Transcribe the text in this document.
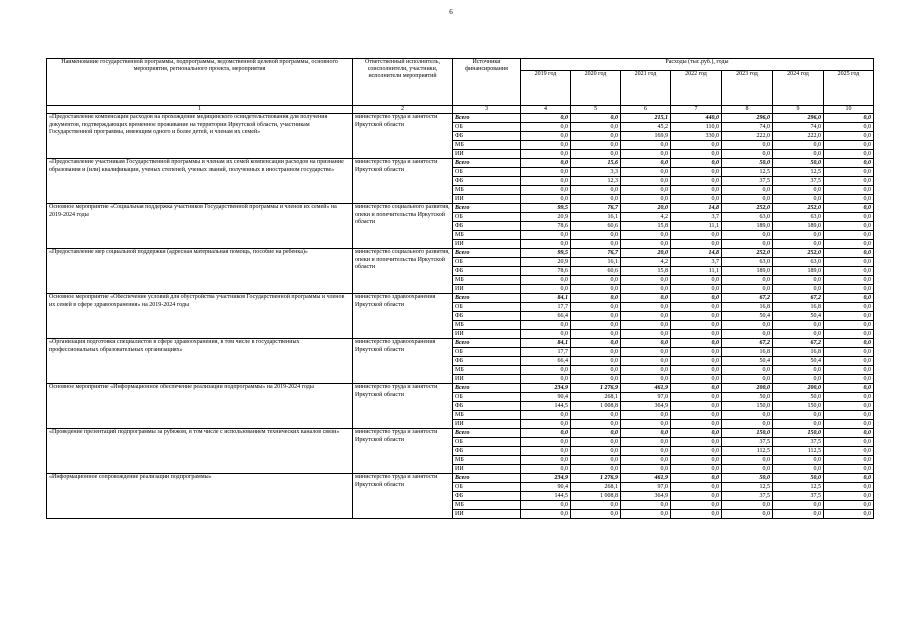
6
Наименование государственной программы, подпрограммы, ведомственной целевой программы, основного мероприятия, регионального проекта, мероприятия	Ответственный исполнитель, соисполнители, участники, исполнители мероприятий	Источники финансирования	Расходы (тыс.руб.), годы						
			2019 год	2020 год	2021 год	2022 год	2023 год	2024 год	2025 год
1	2	3	4	5	6	7	8	9	10
«Предоставление компенсации расходов на прохождение медицинского освидетельствования для получения документов, подтверждающих временное проживание на территории Иркутской области, участникам Государственной программы, имеющим одного и более детей, и членам их семей»	министерство труда и занятости Иркутской области	Всего	0,0	0,0	215,1	440,0	296,0	296,0	0,0
		ОБ	0,0	0,0	45,2	110,0	74,0	74,0	0,0
		ФБ	0,0	0,0	169,9	330,0	222,0	222,0	0,0
		МБ	0,0	0,0	0,0	0,0	0,0	0,0	0,0
		ИИ	0,0	0,0	0,0	0,0	0,0	0,0	0,0
«Предоставление участникам Государственной программы и членам их семей компенсации расходов на признание образования и (или) квалификации, ученых степеней, ученых званий, полученных в иностранном государстве»	министерство труда и занятости Иркутской области	Всего	0,0	15,6	0,0	0,0	50,0	50,0	0,0
		ОБ	0,0	3,3	0,0	0,0	12,5	12,5	0,0
		ФБ	0,0	12,3	0,0	0,0	37,5	37,5	0,0
		МБ	0,0	0,0	0,0	0,0	0,0	0,0	0,0
		ИИ	0,0	0,0	0,0	0,0	0,0	0,0	0,0
Основное мероприятие «Социальная поддержка участников Государственной программы и членов их семей» на 2019-2024 годы	министерство социального развития, опеки и попечительства Иркутской области	Всего	99,5	76,7	20,0	14,8	252,0	252,0	0,0
		ОБ	20,9	16,1	4,2	3,7	63,0	63,0	0,0
		ФБ	78,6	60,6	15,8	11,1	189,0	189,0	0,0
		МБ	0,0	0,0	0,0	0,0	0,0	0,0	0,0
		ИИ	0,0	0,0	0,0	0,0	0,0	0,0	0,0
«Предоставление мер социальной поддержки (адресная материальная помощь, пособие на ребенка)»	министерство социального развития, опеки и попечительства Иркутской области	Всего	99,5	76,7	20,0	14,8	252,0	252,0	0,0
		ОБ	20,9	16,1	4,2	3,7	63,0	63,0	0,0
		ФБ	78,6	60,6	15,8	11,1	189,0	189,0	0,0
		МБ	0,0	0,0	0,0	0,0	0,0	0,0	0,0
		ИИ	0,0	0,0	0,0	0,0	0,0	0,0	0,0
Основное мероприятие «Обеспечение условий для обустройства участников Государственной программы и членов их семей в сфере здравоохранения» на 2019-2024 годы	министерство здравоохранения Иркутской области	Всего	84,1	0,0	0,0	0,0	67,2	67,2	0,0
		ОБ	17,7	0,0	0,0	0,0	16,8	16,8	0,0
		ФБ	66,4	0,0	0,0	0,0	50,4	50,4	0,0
		МБ	0,0	0,0	0,0	0,0	0,0	0,0	0,0
		ИИ	0,0	0,0	0,0	0,0	0,0	0,0	0,0
«Организация подготовки специалистов в сфере здравоохранения, в том числе в государственных профессиональных образовательных организациях»	министерство здравоохранения Иркутской области	Всего	84,1	0,0	0,0	0,0	67,2	67,2	0,0
		ОБ	17,7	0,0	0,0	0,0	16,8	16,8	0,0
		ФБ	66,4	0,0	0,0	0,0	50,4	50,4	0,0
		МБ	0,0	0,0	0,0	0,0	0,0	0,0	0,0
		ИИ	0,0	0,0	0,0	0,0	0,0	0,0	0,0
Основное мероприятие «Информационное обеспечение реализации подпрограммы» на 2019-2024 годы	министерство труда и занятости Иркутской области	Всего	234,9	1 276,9	461,9	0,0	200,0	200,0	0,0
		ОБ	90,4	268,1	97,0	0,0	50,0	50,0	0,0
		ФБ	144,5	1 008,8	364,9	0,0	150,0	150,0	0,0
		МБ	0,0	0,0	0,0	0,0	0,0	0,0	0,0
		ИИ	0,0	0,0	0,0	0,0	0,0	0,0	0,0
«Проведение презентаций подпрограммы за рубежом, в том числе с использованием технических каналов связи»	министерство труда и занятости Иркутской области	Всего	0,0	0,0	0,0	0,0	150,0	150,0	0,0
		ОБ	0,0	0,0	0,0	0,0	37,5	37,5	0,0
		ФБ	0,0	0,0	0,0	0,0	112,5	112,5	0,0
		МБ	0,0	0,0	0,0	0,0	0,0	0,0	0,0
		ИИ	0,0	0,0	0,0	0,0	0,0	0,0	0,0
«Информационное сопровождение реализации подпрограммы»	министерство труда и занятости Иркутской области	Всего	234,9	1 276,9	461,9	0,0	50,0	50,0	0,0
		ОБ	90,4	268,1	97,0	0,0	12,5	12,5	0,0
		ФБ	144,5	1 008,8	364,9	0,0	37,5	37,5	0,0
		МБ	0,0	0,0	0,0	0,0	0,0	0,0	0,0
		ИИ	0,0	0,0	0,0	0,0	0,0	0,0	0,0
